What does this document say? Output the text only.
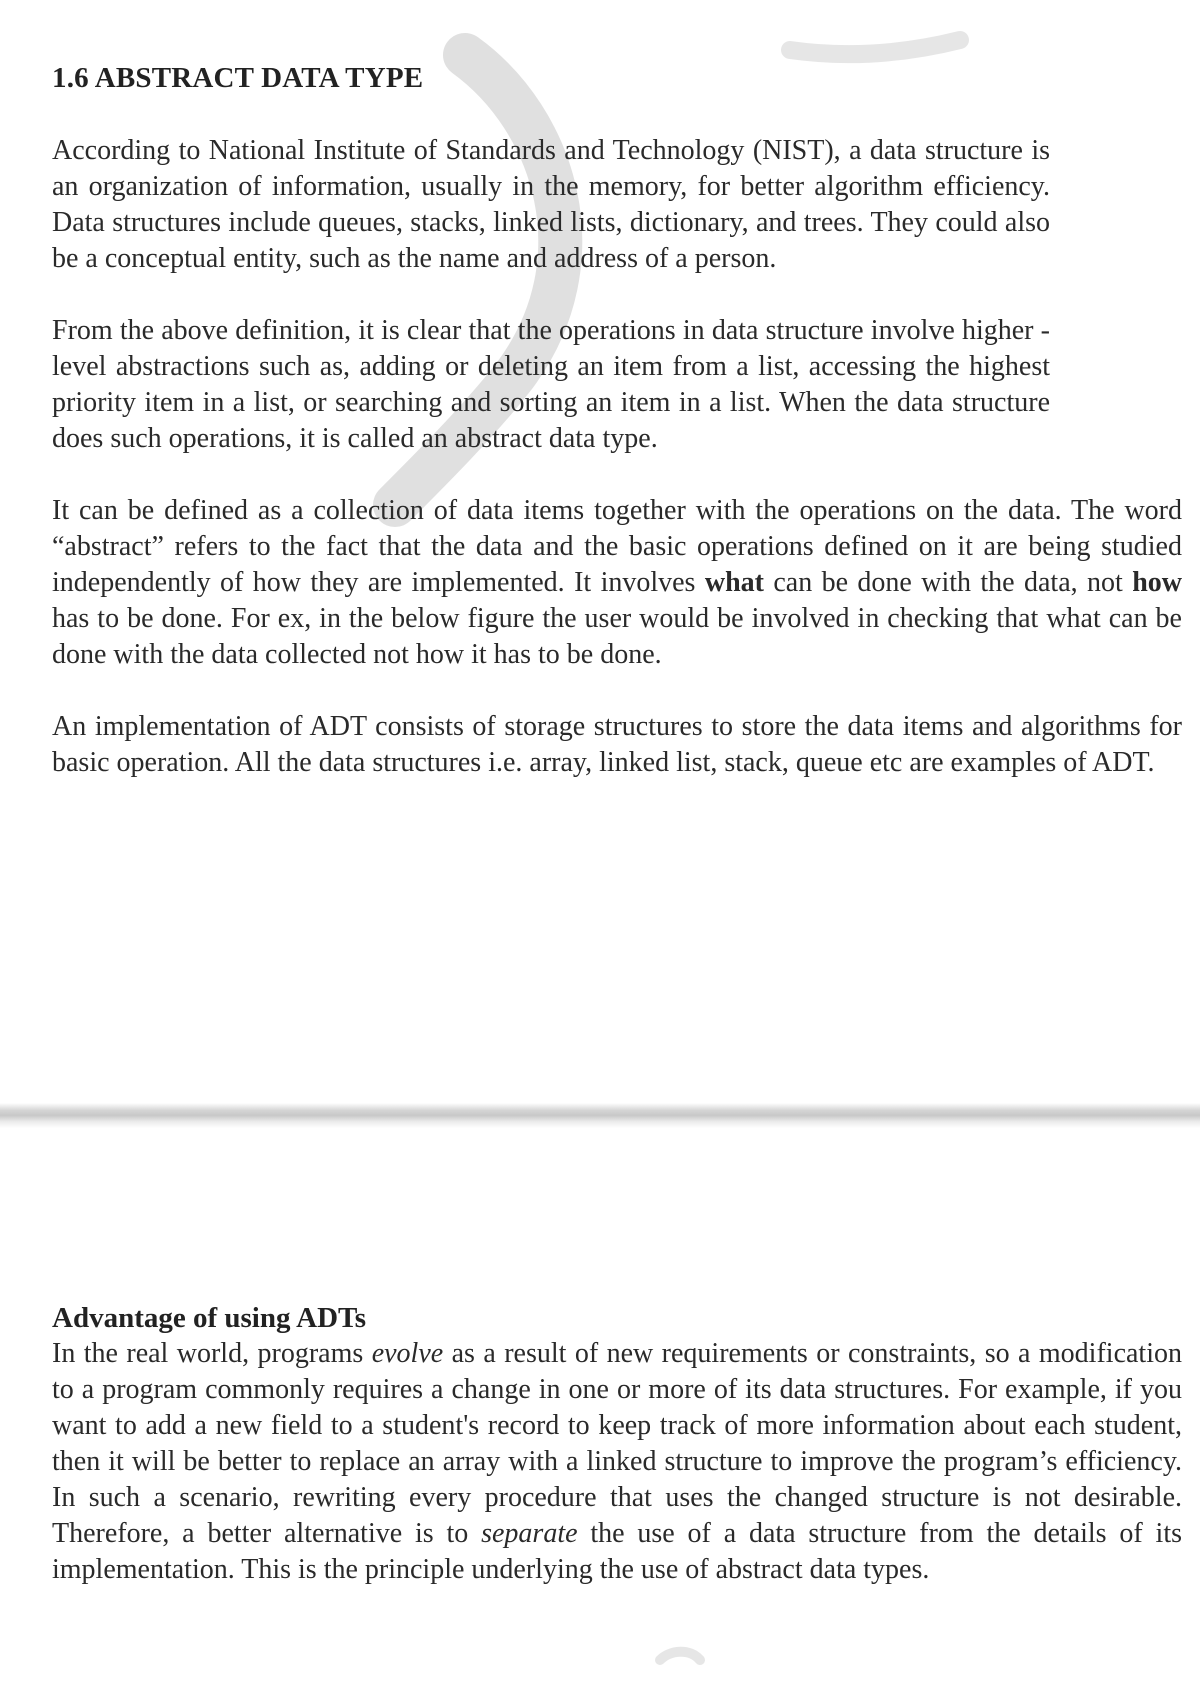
1.6 ABSTRACT DATA TYPE

According to National Institute of Standards and Technology (NIST), a data structure is an organization of information, usually in the memory, for better algorithm efficiency. Data structures include queues, stacks, linked lists, dictionary, and trees. They could also be a conceptual entity, such as the name and address of a person.

From the above definition, it is clear that the operations in data structure involve higher -level abstractions such as, adding or deleting an item from a list, accessing the highest priority item in a list, or searching and sorting an item in a list. When the data structure does such operations, it is called an abstract data type.

It can be defined as a collection of data items together with the operations on the data. The word “abstract” refers to the fact that the data and the basic operations defined on it are being studied independently of how they are implemented. It involves what can be done with the data, not how has to be done. For ex, in the below figure the user would be involved in checking that what can be done with the data collected not how it has to be done.

An implementation of ADT consists of storage structures to store the data items and algorithms for basic operation. All the data structures i.e. array, linked list, stack, queue etc are examples of ADT.

Advantage of using ADTs

In the real world, programs evolve as a result of new requirements or constraints, so a modification to a program commonly requires a change in one or more of its data structures. For example, if you want to add a new field to a student's record to keep track of more information about each student, then it will be better to replace an array with a linked structure to improve the program’s efficiency. In such a scenario, rewriting every procedure that uses the changed structure is not desirable. Therefore, a better alternative is to separate the use of a data structure from the details of its implementation. This is the principle underlying the use of abstract data types.
